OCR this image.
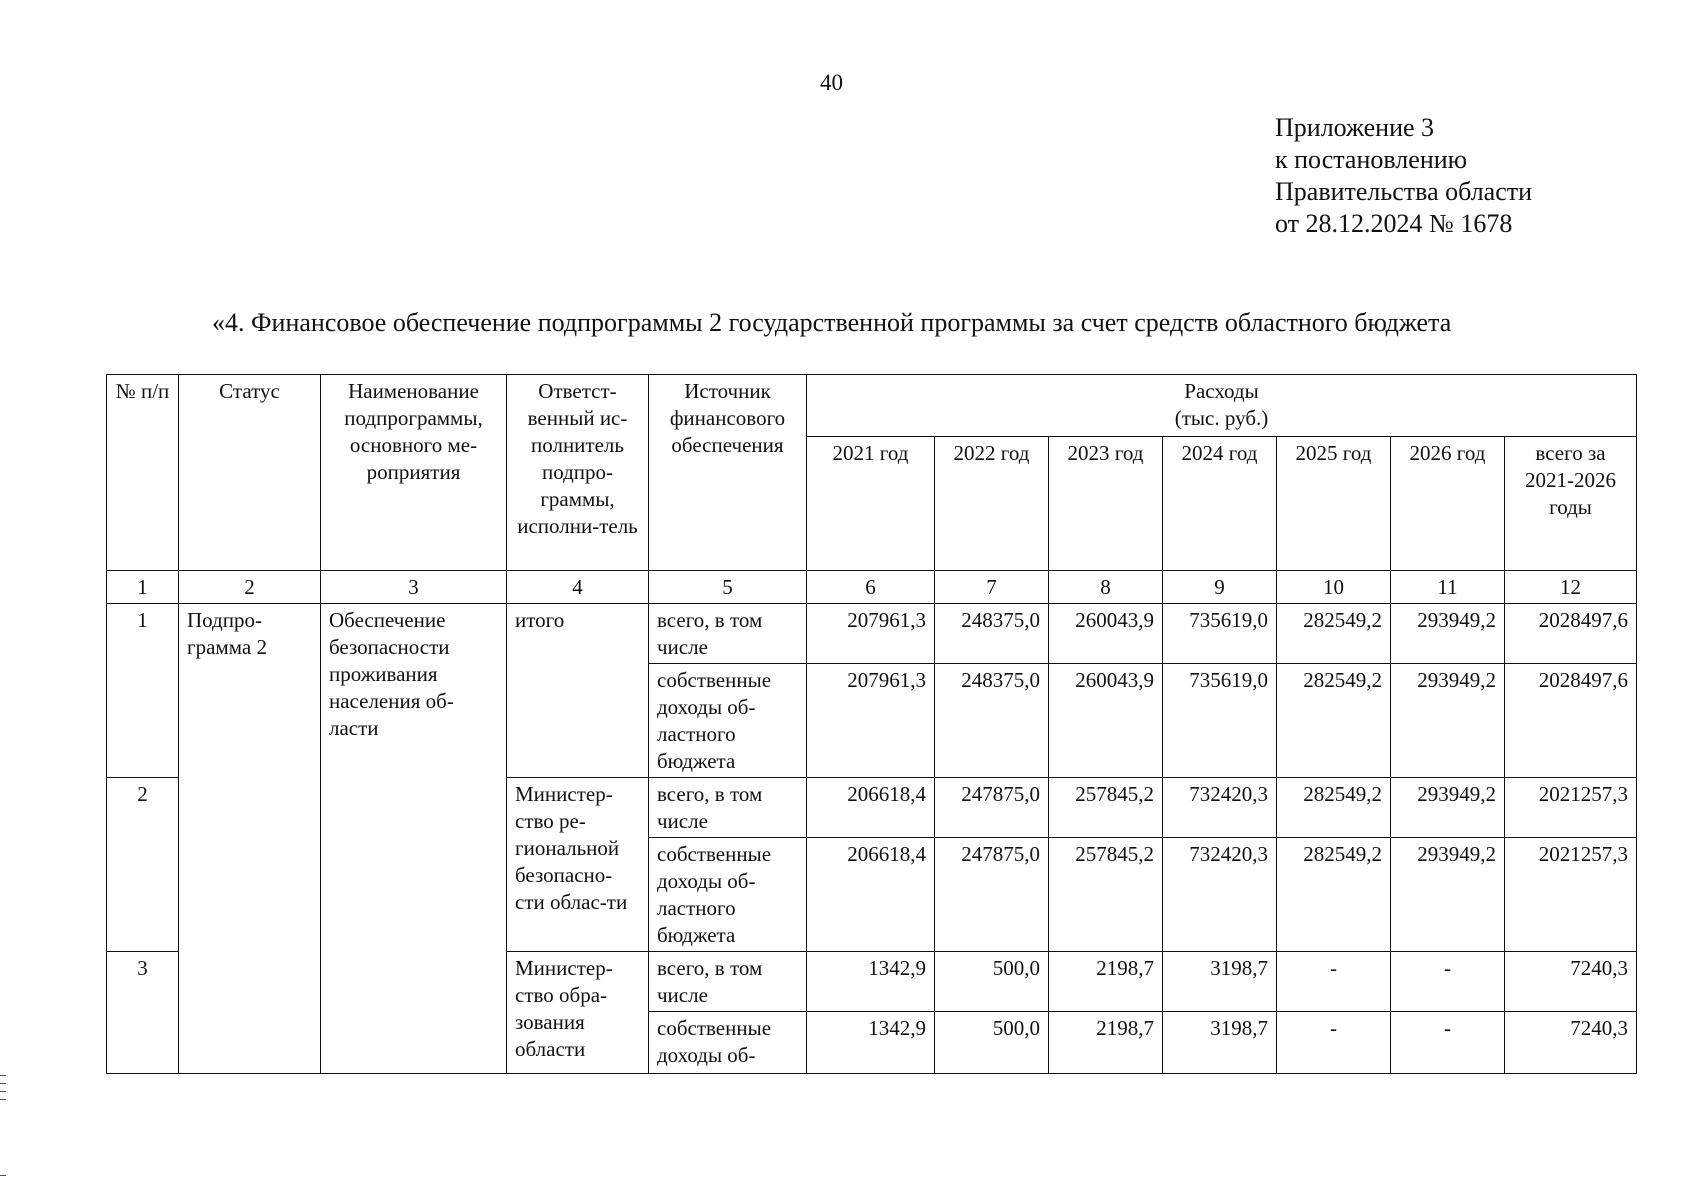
40
Приложение 3
к постановлению
Правительства области
от 28.12.2024 № 1678
«4. Финансовое обеспечение подпрограммы 2 государственной программы за счет средств областного бюджета
№ п/п	Статус	Наименование подпрограммы, основного ме-роприятия	Ответст-венный ис-полнитель подпро-граммы, исполни-тель	Источник финансового обеспечения	Расходы
(тыс. руб.)						

					2021 год	2022 год	2023 год	2024 год	2025 год	2026 год	всего за 2021-2026 годы
1	2	3	4	5	6	7	8	9	10	11	12
1	Подпро-грамма 2	Обеспечение безопасности проживания населения об-ласти	итого	всего, в том числе	207961,3	248375,0	260043,9	735619,0	282549,2	293949,2	2028497,6
				собственные доходы об-ластного бюджета	207961,3	248375,0	260043,9	735619,0	282549,2	293949,2	2028497,6
2			Министер-ство ре-гиональной безопасно-сти облас-ти	всего, в том числе	206618,4	247875,0	257845,2	732420,3	282549,2	293949,2	2021257,3
				собственные доходы об-ластного бюджета	206618,4	247875,0	257845,2	732420,3	282549,2	293949,2	2021257,3
3			Министер-ство обра-зования области	всего, в том числе	1342,9	500,0	2198,7	3198,7	-	-	7240,3
				собственные доходы об-	1342,9	500,0	2198,7	3198,7	-	-	7240,3
